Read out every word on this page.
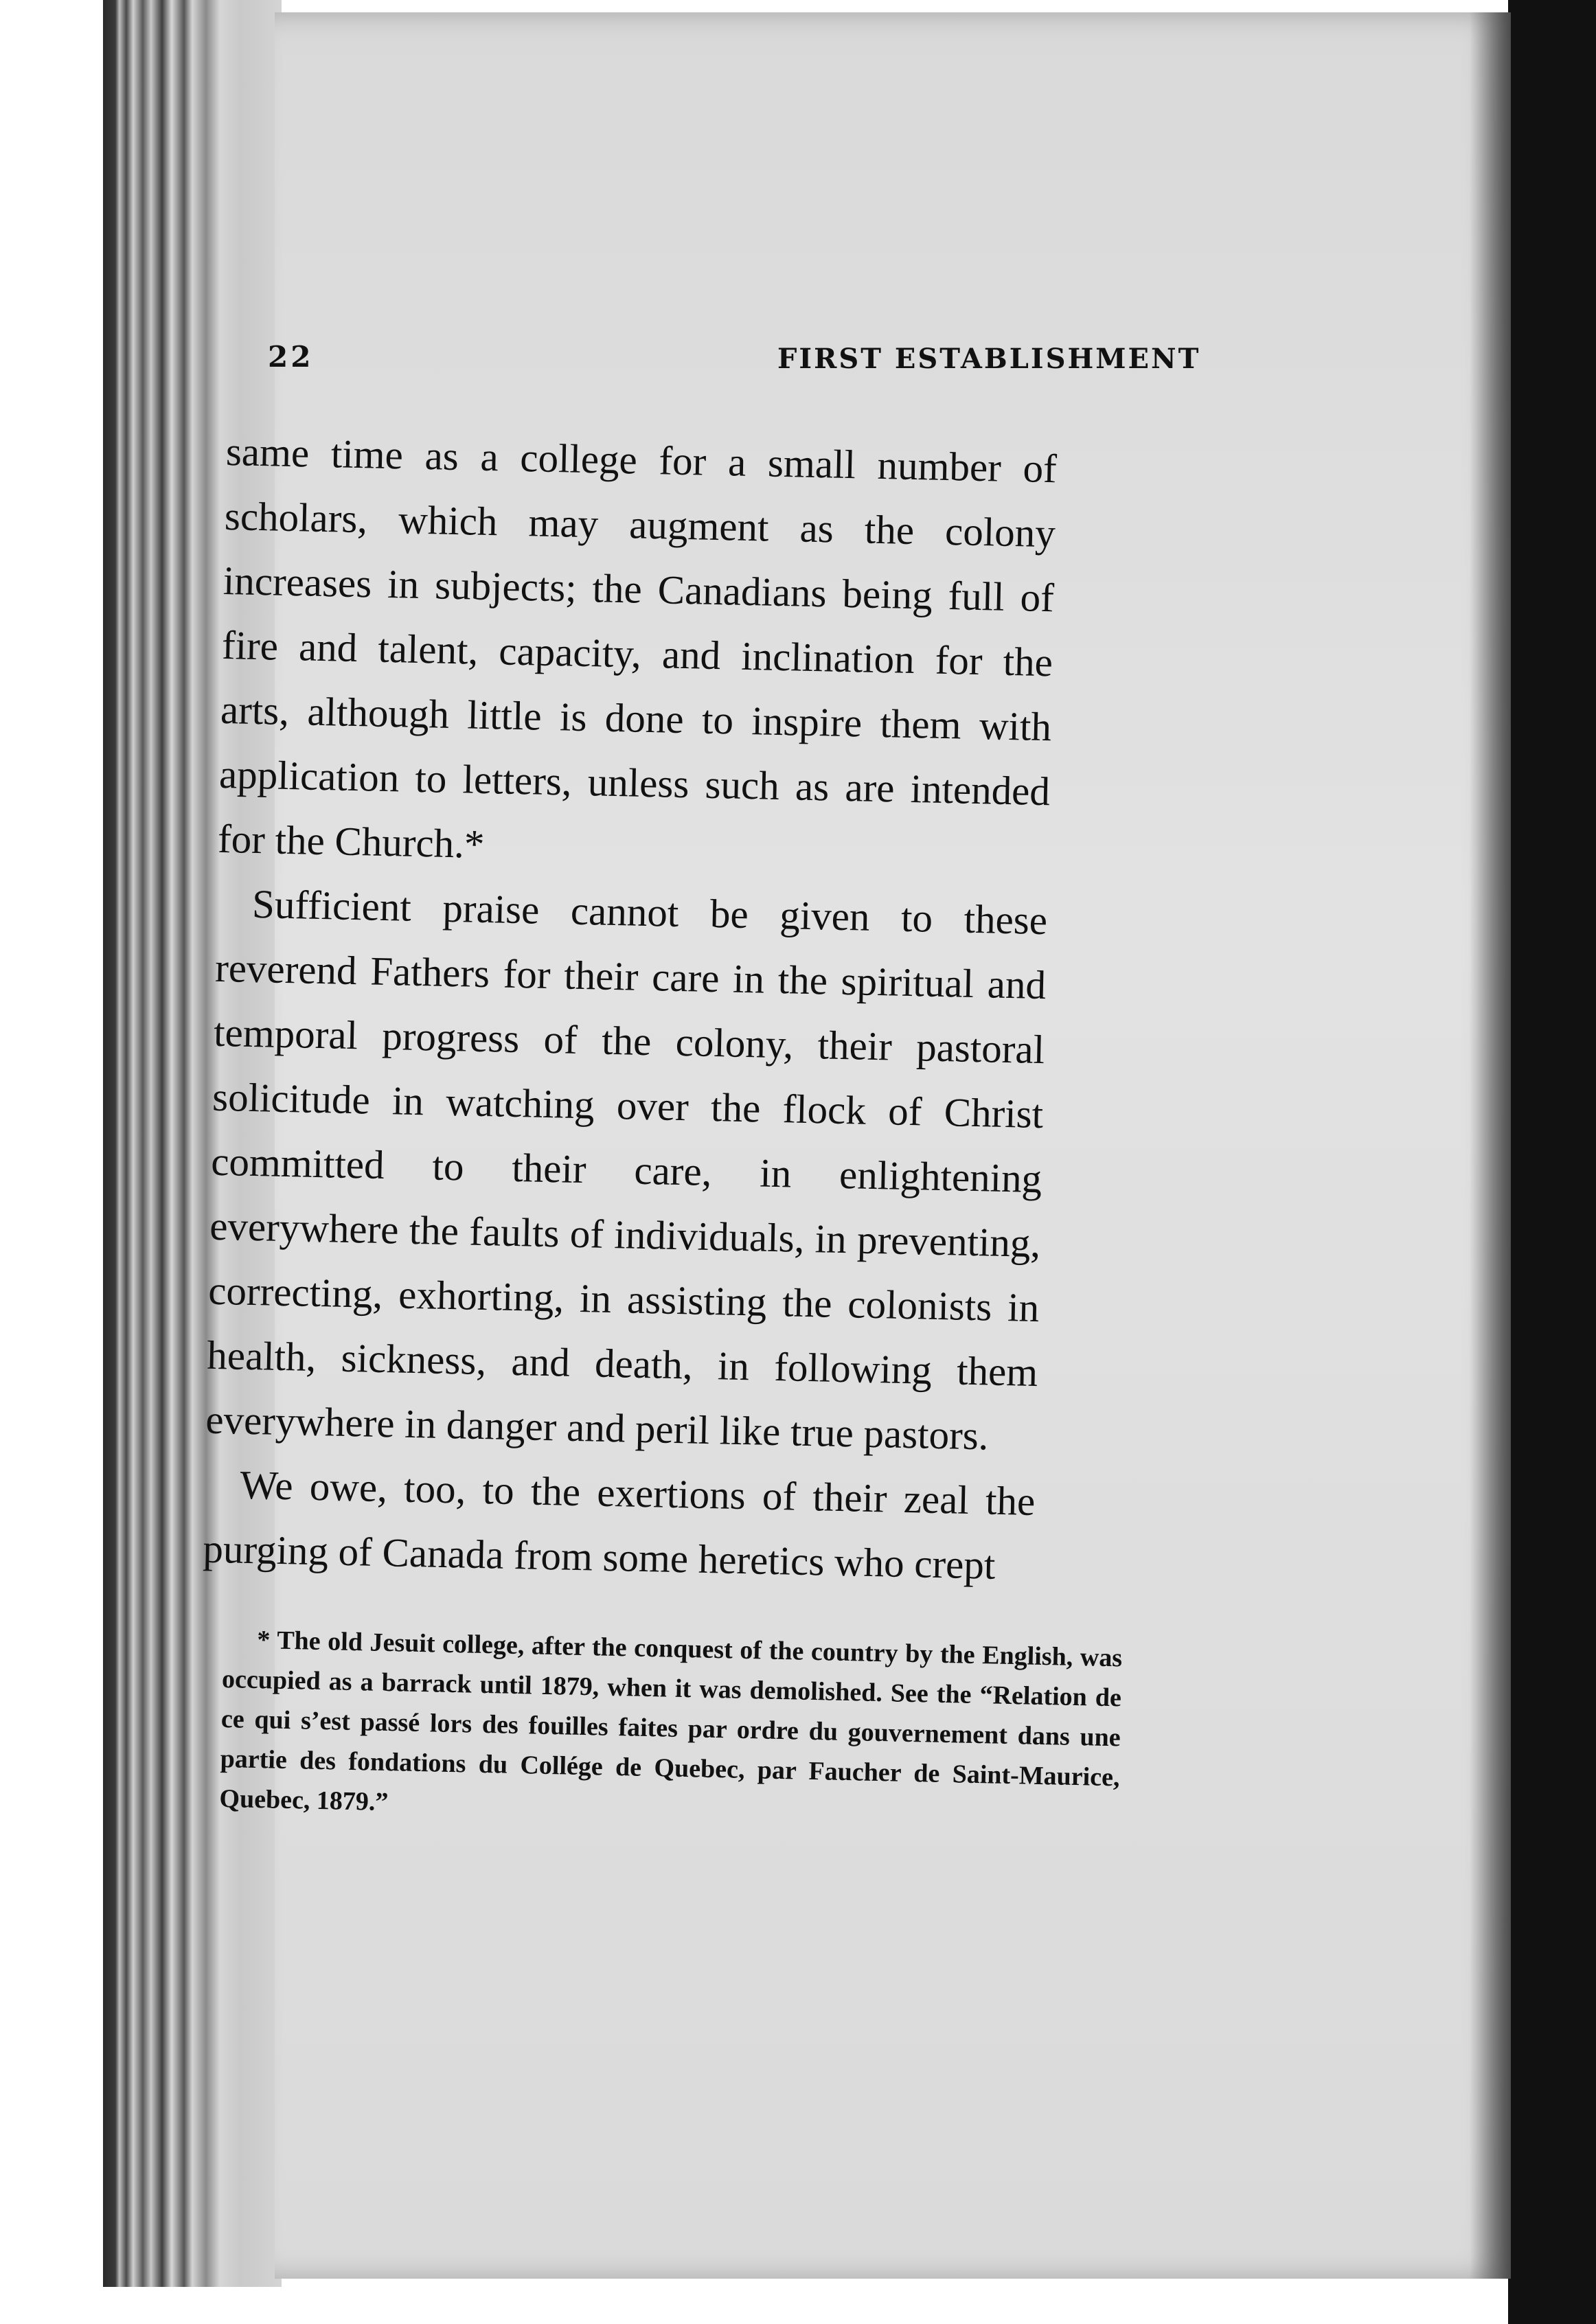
22	FIRST ESTABLISHMENT

same time as a college for a small number of scholars, which may augment as the colony increases in subjects; the Canadians being full of fire and talent, capacity, and inclination for the arts, although little is done to inspire them with application to letters, unless such as are intended for the Church.*

Sufficient praise cannot be given to these reverend Fathers for their care in the spiritual and temporal progress of the colony, their pastoral solicitude in watching over the flock of Christ committed to their care, in enlightening everywhere the faults of individuals, in preventing, correcting, exhorting, in assisting the colonists in health, sickness, and death, in following them everywhere in danger and peril like true pastors.

We owe, too, to the exertions of their zeal the purging of Canada from some heretics who crept

* The old Jesuit college, after the conquest of the country by the English, was occupied as a barrack until 1879, when it was demolished. See the “Relation de ce qui s’est passé lors des fouilles faites par ordre du gouvernement dans une partie des fondations du Collége de Quebec, par Faucher de Saint-Maurice, Quebec, 1879.”
